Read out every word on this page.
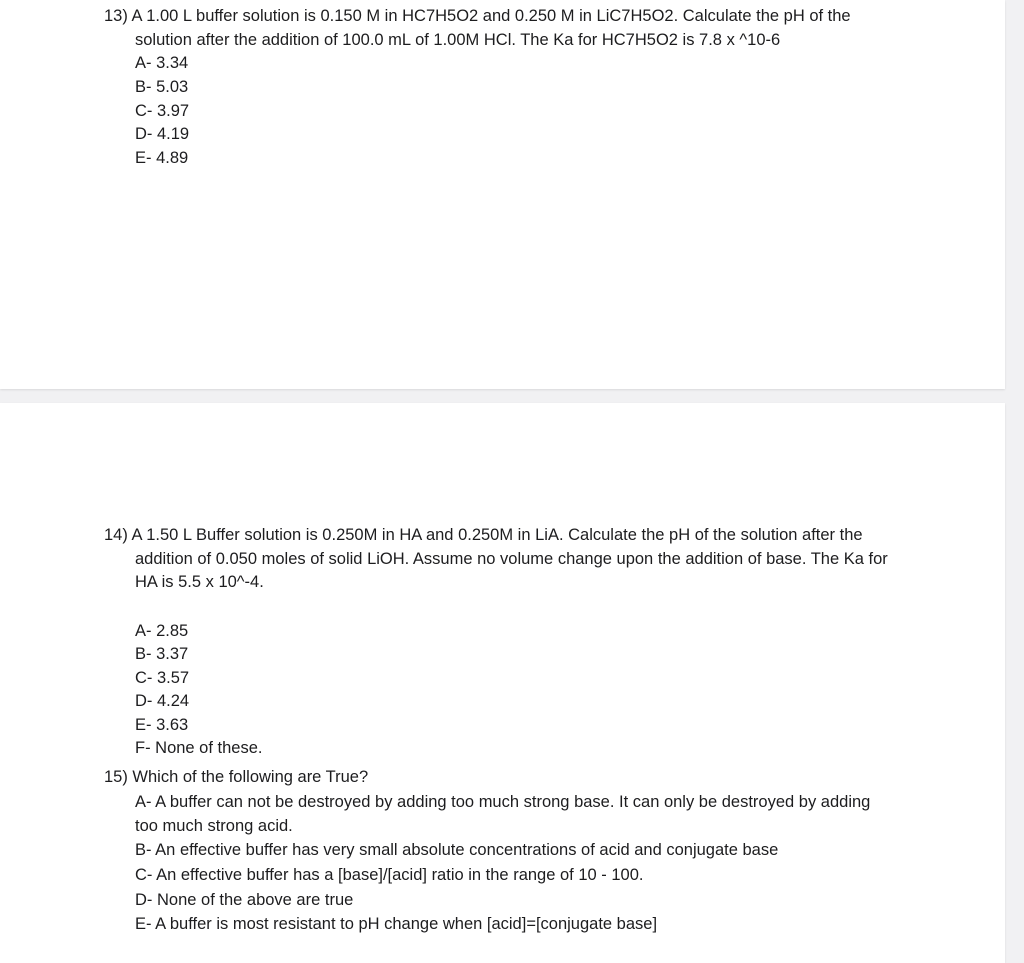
13) A 1.00 L buffer solution is 0.150 M in HC7H5O2 and 0.250 M in LiC7H5O2. Calculate the pH of the solution after the addition of 100.0 mL of 1.00M HCl. The Ka for HC7H5O2 is 7.8 x ^10-6

A- 3.34
B- 5.03
C- 3.97
D- 4.19
E- 4.89

14) A 1.50 L Buffer solution is 0.250M in HA and 0.250M in LiA. Calculate the pH of the solution after the addition of 0.050 moles of solid LiOH. Assume no volume change upon the addition of base. The Ka for HA is 5.5 x 10^-4.

A- 2.85
B- 3.37
C- 3.57
D- 4.24
E- 3.63
F- None of these.

15) Which of the following are True?

A- A buffer can not be destroyed by adding too much strong base. It can only be destroyed by adding too much strong acid.
B- An effective buffer has very small absolute concentrations of acid and conjugate base
C- An effective buffer has a [base]/[acid] ratio in the range of 10 - 100.
D- None of the above are true
E- A buffer is most resistant to pH change when [acid]=[conjugate base]
